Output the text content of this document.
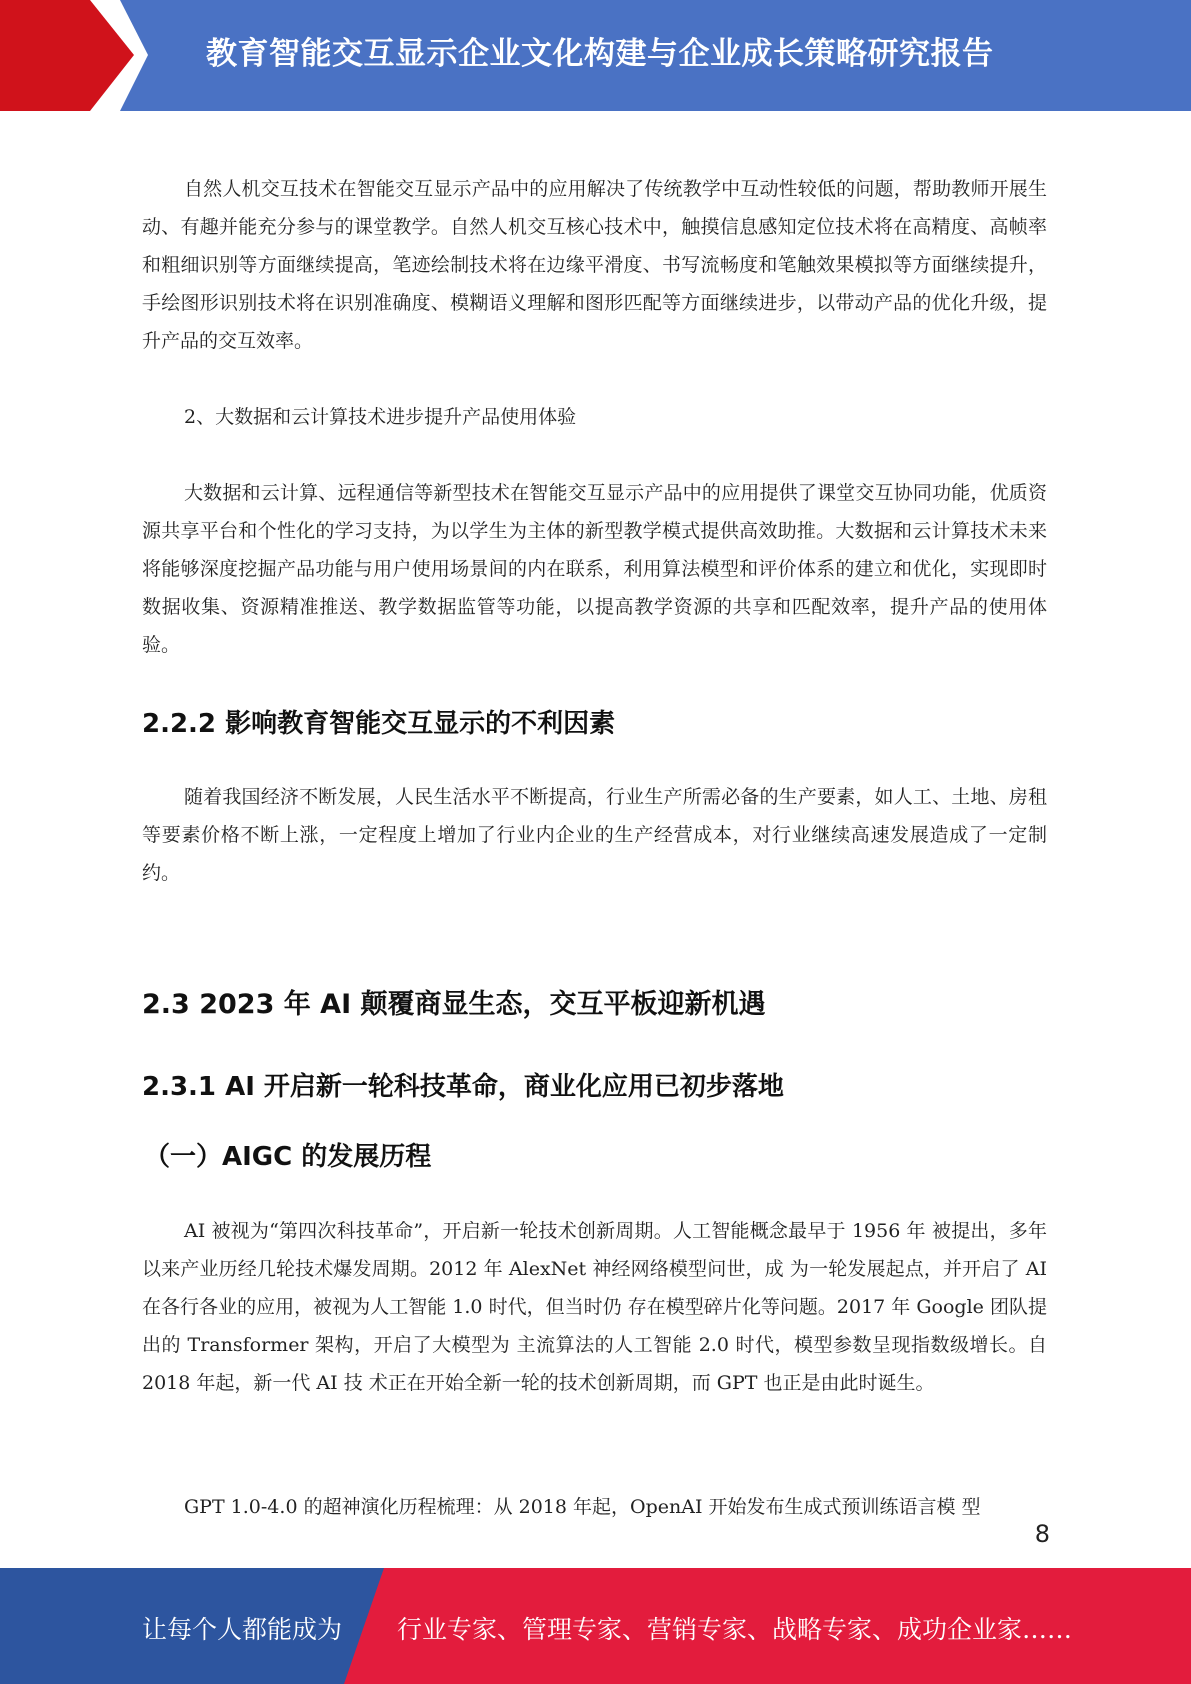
教育智能交互显示企业文化构建与企业成长策略研究报告
自然人机交互技术在智能交互显示产品中的应用解决了传统教学中互动性较低的问题，帮助教师开展生动、有趣并能充分参与的课堂教学。自然人机交互核心技术中，触摸信息感知定位技术将在高精度、高帧率和粗细识别等方面继续提高，笔迹绘制技术将在边缘平滑度、书写流畅度和笔触效果模拟等方面继续提升，手绘图形识别技术将在识别准确度、模糊语义理解和图形匹配等方面继续进步，以带动产品的优化升级，提升产品的交互效率。
2、大数据和云计算技术进步提升产品使用体验
大数据和云计算、远程通信等新型技术在智能交互显示产品中的应用提供了课堂交互协同功能，优质资源共享平台和个性化的学习支持，为以学生为主体的新型教学模式提供高效助推。大数据和云计算技术未来将能够深度挖掘产品功能与用户使用场景间的内在联系，利用算法模型和评价体系的建立和优化，实现即时数据收集、资源精准推送、教学数据监管等功能，以提高教学资源的共享和匹配效率，提升产品的使用体验。
2.2.2 影响教育智能交互显示的不利因素
随着我国经济不断发展，人民生活水平不断提高，行业生产所需必备的生产要素，如人工、土地、房租等要素价格不断上涨，一定程度上增加了行业内企业的生产经营成本，对行业继续高速发展造成了一定制约。
2.3 2023 年 AI 颠覆商显生态，交互平板迎新机遇
2.3.1 AI 开启新一轮科技革命，商业化应用已初步落地
（一）AIGC 的发展历程
AI 被视为“第四次科技革命”，开启新一轮技术创新周期。人工智能概念最早于 1956 年 被提出，多年以来产业历经几轮技术爆发周期。2012 年 AlexNet 神经网络模型问世，成 为一轮发展起点，并开启了 AI 在各行各业的应用，被视为人工智能 1.0 时代，但当时仍 存在模型碎片化等问题。2017 年 Google 团队提出的 Transformer 架构，开启了大模型为 主流算法的人工智能 2.0 时代，模型参数呈现指数级增长。自 2018 年起，新一代 AI 技 术正在开始全新一轮的技术创新周期，而 GPT 也正是由此时诞生。
GPT 1.0-4.0 的超神演化历程梳理：从 2018 年起，OpenAI 开始发布生成式预训练语言模 型
8
让每个人都能成为 行业专家、管理专家、营销专家、战略专家、成功企业家……
